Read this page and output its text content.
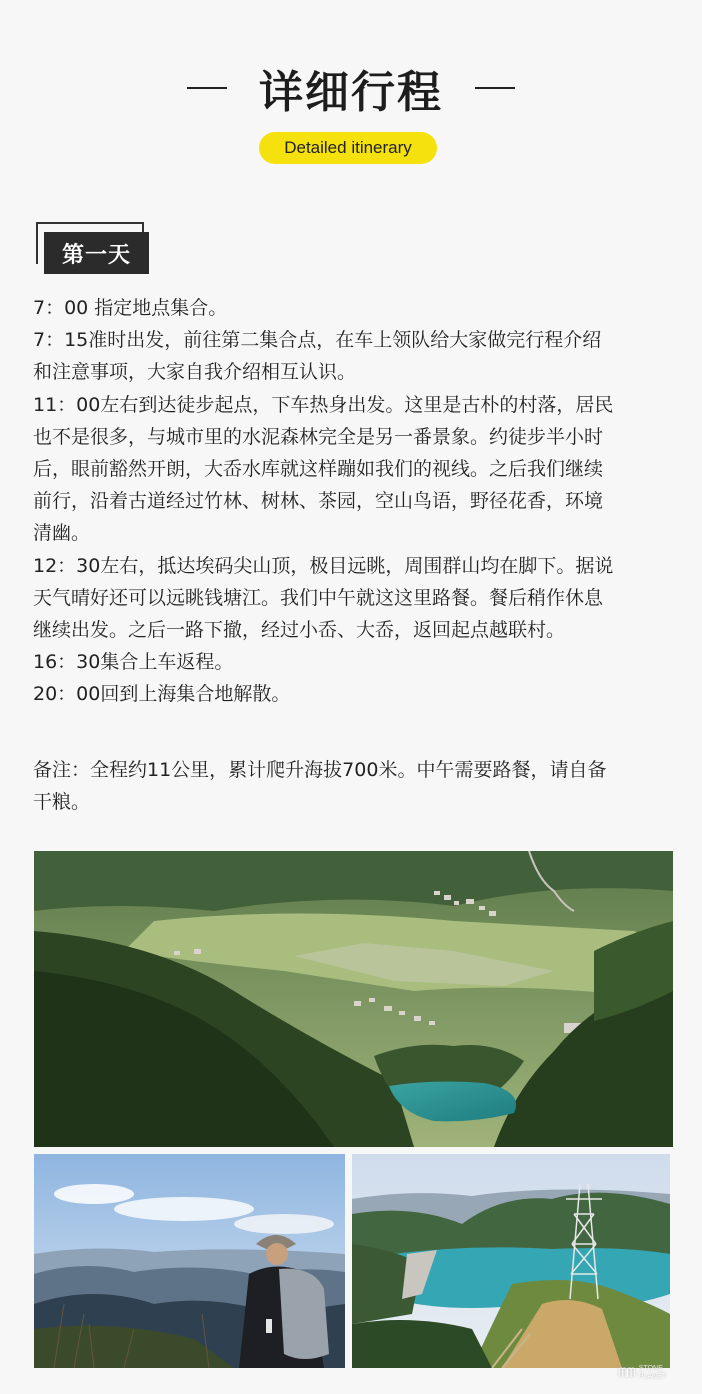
详细行程
Detailed itinerary
第一天

7：00 指定地点集合。

7：15准时出发，前往第二集合点，在车上领队给大家做完行程介绍

和注意事项，大家自我介绍相互认识。

11：00左右到达徒步起点，下车热身出发。这里是古朴的村落，居民

也不是很多，与城市里的水泥森林完全是另一番景象。约徒步半小时

后，眼前豁然开朗，大岙水库就这样蹦如我们的视线。之后我们继续

前行，沿着古道经过竹林、树林、茶园，空山鸟语，野径花香，环境

清幽。

12：30左右，抵达埃码尖山顶，极目远眺，周围群山均在脚下。据说

天气晴好还可以远眺钱塘江。我们中午就这这里路餐。餐后稍作休息

继续出发。之后一路下撤，经过小岙、大岙，返回起点越联村。

16：30集合上车返程。

20：00回到上海集合地解散。

备注：全程约11公里，累计爬升海拔700米。中午需要路餐，请自备

干粮。

ᗰᗰ STONE
PLANET
